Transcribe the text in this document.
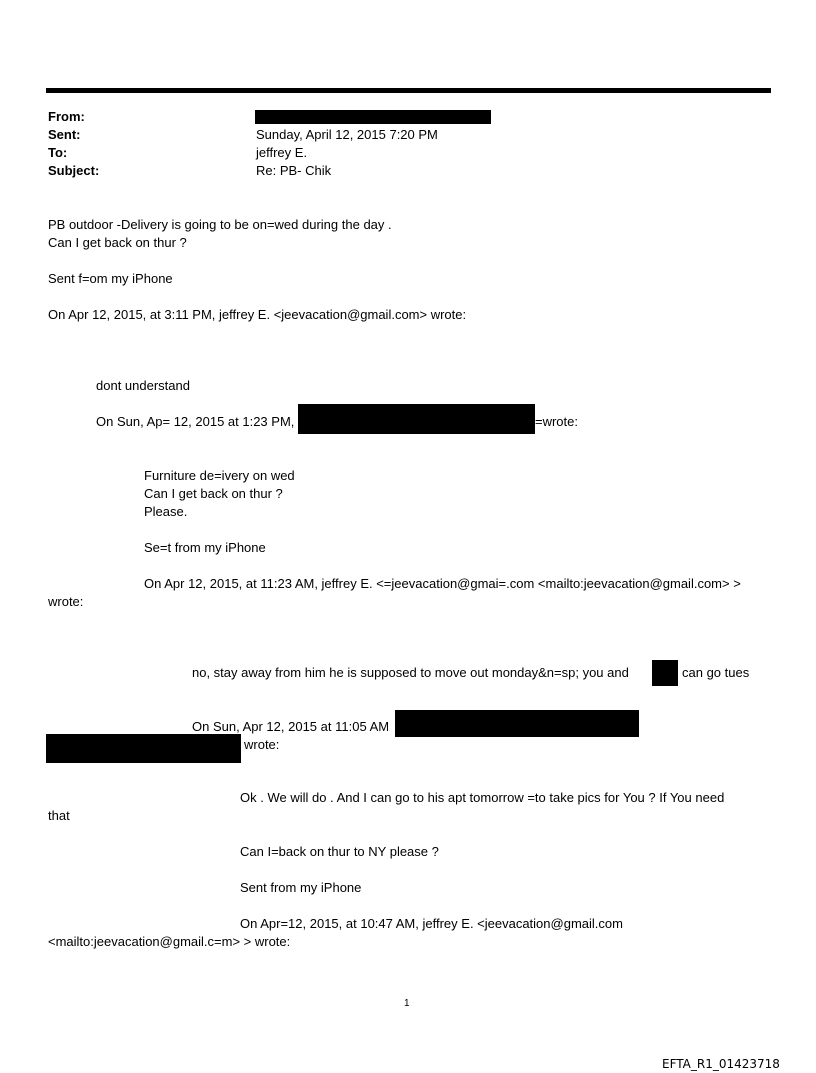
From:
Sent:	Sunday, April 12, 2015 7:20 PM
To:	jeffrey E.
Subject:	Re: PB- Chik
PB outdoor -Delivery is going to be on=wed during the day .
Can I get back on thur ?
Sent f=om my iPhone
On Apr 12, 2015, at 3:11 PM, jeffrey E. <jeevacation@gmail.com> wrote:
dont understand
On Sun, Ap= 12, 2015 at 1:23 PM,	=wrote:
Furniture de=ivery on wed
Can I get back on thur ?
Please.
Se=t from my iPhone
On Apr 12, 2015, at 11:23 AM, jeffrey E. <=jeevacation@gmai=.com <mailto:jeevacation@gmail.com> >
wrote:
no, stay away from him he is supposed to move out monday&n=sp; you and	can go tues
On Sun, Apr 12, 2015 at 11:05 AM
wrote:
Ok . We will do . And I can go to his apt tomorrow =to take pics for You ? If You need
that
Can I=back on thur to NY please ?
Sent from my iPhone
On Apr=12, 2015, at 10:47 AM, jeffrey E. <jeevacation@gmail.com
<mailto:jeevacation@gmail.c=m> > wrote:
1
EFTA_R1_01423718
